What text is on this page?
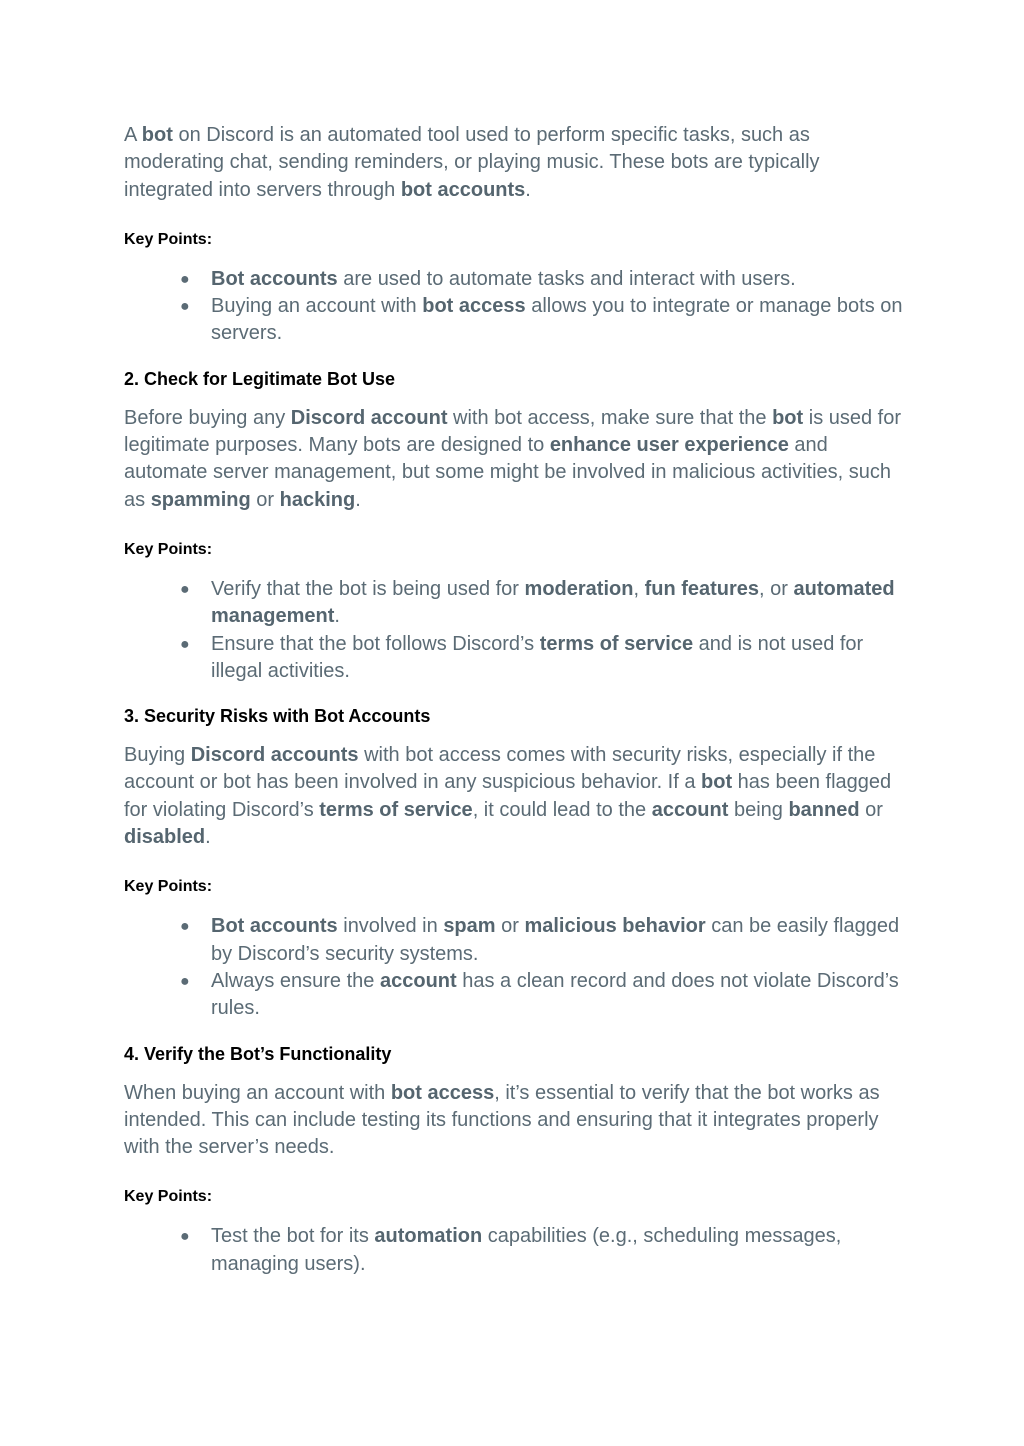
A bot on Discord is an automated tool used to perform specific tasks, such as moderating chat, sending reminders, or playing music. These bots are typically integrated into servers through bot accounts.

Key Points:

● Bot accounts are used to automate tasks and interact with users.
● Buying an account with bot access allows you to integrate or manage bots on servers.

2. Check for Legitimate Bot Use

Before buying any Discord account with bot access, make sure that the bot is used for legitimate purposes. Many bots are designed to enhance user experience and automate server management, but some might be involved in malicious activities, such as spamming or hacking.

Key Points:

● Verify that the bot is being used for moderation, fun features, or automated management.
● Ensure that the bot follows Discord’s terms of service and is not used for illegal activities.

3. Security Risks with Bot Accounts

Buying Discord accounts with bot access comes with security risks, especially if the account or bot has been involved in any suspicious behavior. If a bot has been flagged for violating Discord’s terms of service, it could lead to the account being banned or disabled.

Key Points:

● Bot accounts involved in spam or malicious behavior can be easily flagged by Discord’s security systems.
● Always ensure the account has a clean record and does not violate Discord’s rules.

4. Verify the Bot’s Functionality

When buying an account with bot access, it’s essential to verify that the bot works as intended. This can include testing its functions and ensuring that it integrates properly with the server’s needs.

Key Points:

● Test the bot for its automation capabilities (e.g., scheduling messages, managing users).
